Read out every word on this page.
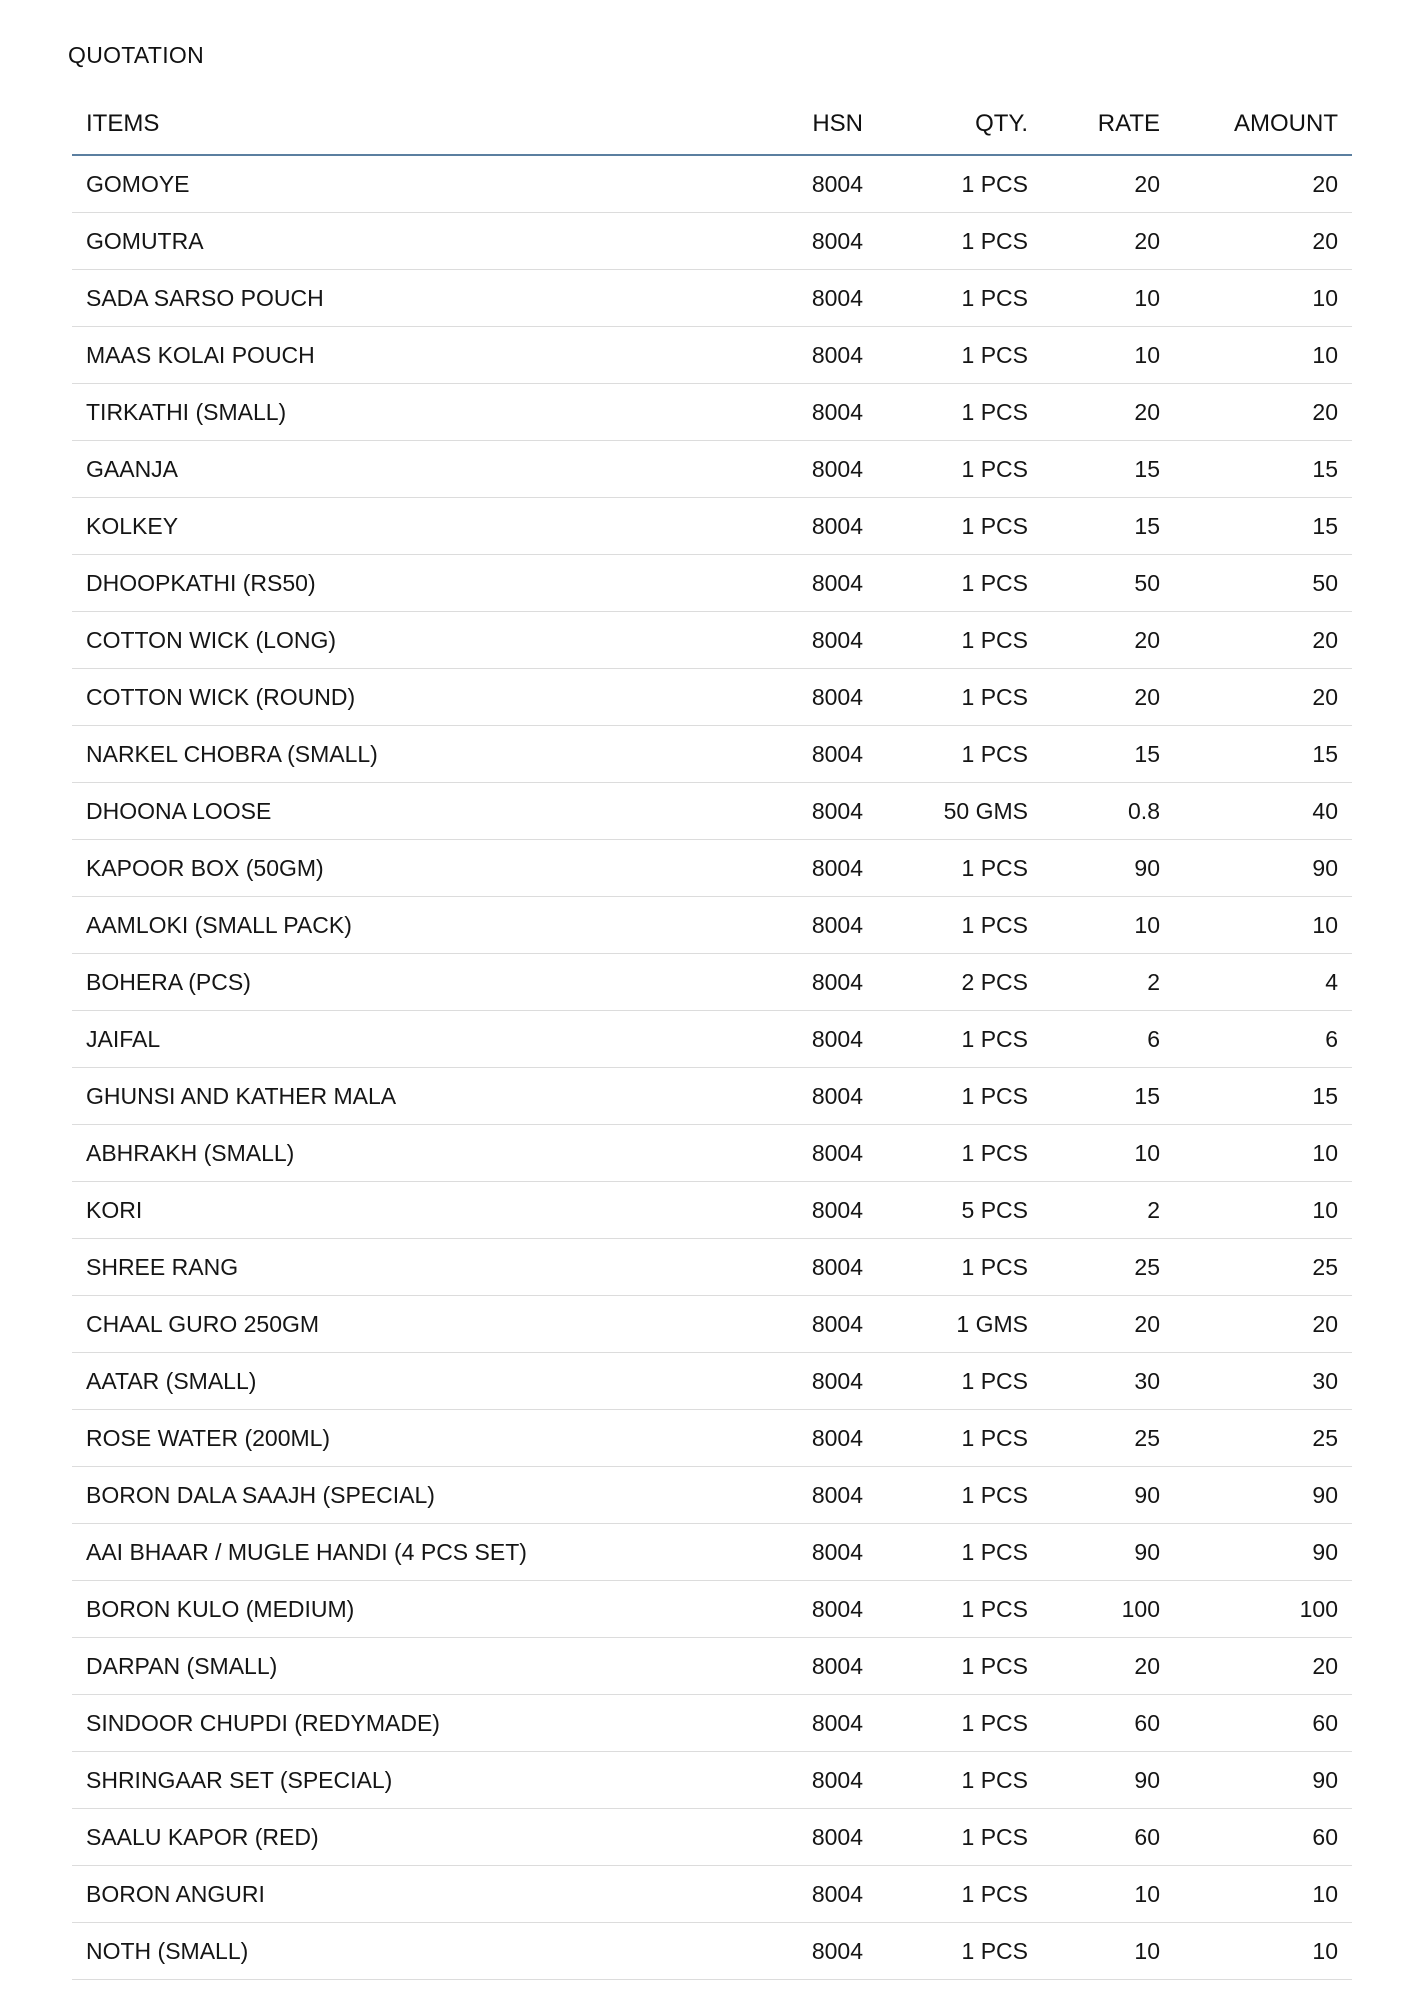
QUOTATION
ITEMS	HSN	QTY.	RATE	AMOUNT
GOMOYE	8004	1 PCS	20	20
GOMUTRA	8004	1 PCS	20	20
SADA SARSO POUCH	8004	1 PCS	10	10
MAAS KOLAI POUCH	8004	1 PCS	10	10
TIRKATHI (SMALL)	8004	1 PCS	20	20
GAANJA	8004	1 PCS	15	15
KOLKEY	8004	1 PCS	15	15
DHOOPKATHI (RS50)	8004	1 PCS	50	50
COTTON WICK (LONG)	8004	1 PCS	20	20
COTTON WICK (ROUND)	8004	1 PCS	20	20
NARKEL CHOBRA (SMALL)	8004	1 PCS	15	15
DHOONA LOOSE	8004	50 GMS	0.8	40
KAPOOR BOX (50GM)	8004	1 PCS	90	90
AAMLOKI (SMALL PACK)	8004	1 PCS	10	10
BOHERA (PCS)	8004	2 PCS	2	4
JAIFAL	8004	1 PCS	6	6
GHUNSI AND KATHER MALA	8004	1 PCS	15	15
ABHRAKH (SMALL)	8004	1 PCS	10	10
KORI	8004	5 PCS	2	10
SHREE RANG	8004	1 PCS	25	25
CHAAL GURO 250GM	8004	1 GMS	20	20
AATAR (SMALL)	8004	1 PCS	30	30
ROSE WATER (200ML)	8004	1 PCS	25	25
BORON DALA SAAJH (SPECIAL)	8004	1 PCS	90	90
AAI BHAAR / MUGLE HANDI (4 PCS SET)	8004	1 PCS	90	90
BORON KULO (MEDIUM)	8004	1 PCS	100	100
DARPAN (SMALL)	8004	1 PCS	20	20
SINDOOR CHUPDI (REDYMADE)	8004	1 PCS	60	60
SHRINGAAR SET (SPECIAL)	8004	1 PCS	90	90
SAALU KAPOR (RED)	8004	1 PCS	60	60
BORON ANGURI	8004	1 PCS	10	10
NOTH (SMALL)	8004	1 PCS	10	10
